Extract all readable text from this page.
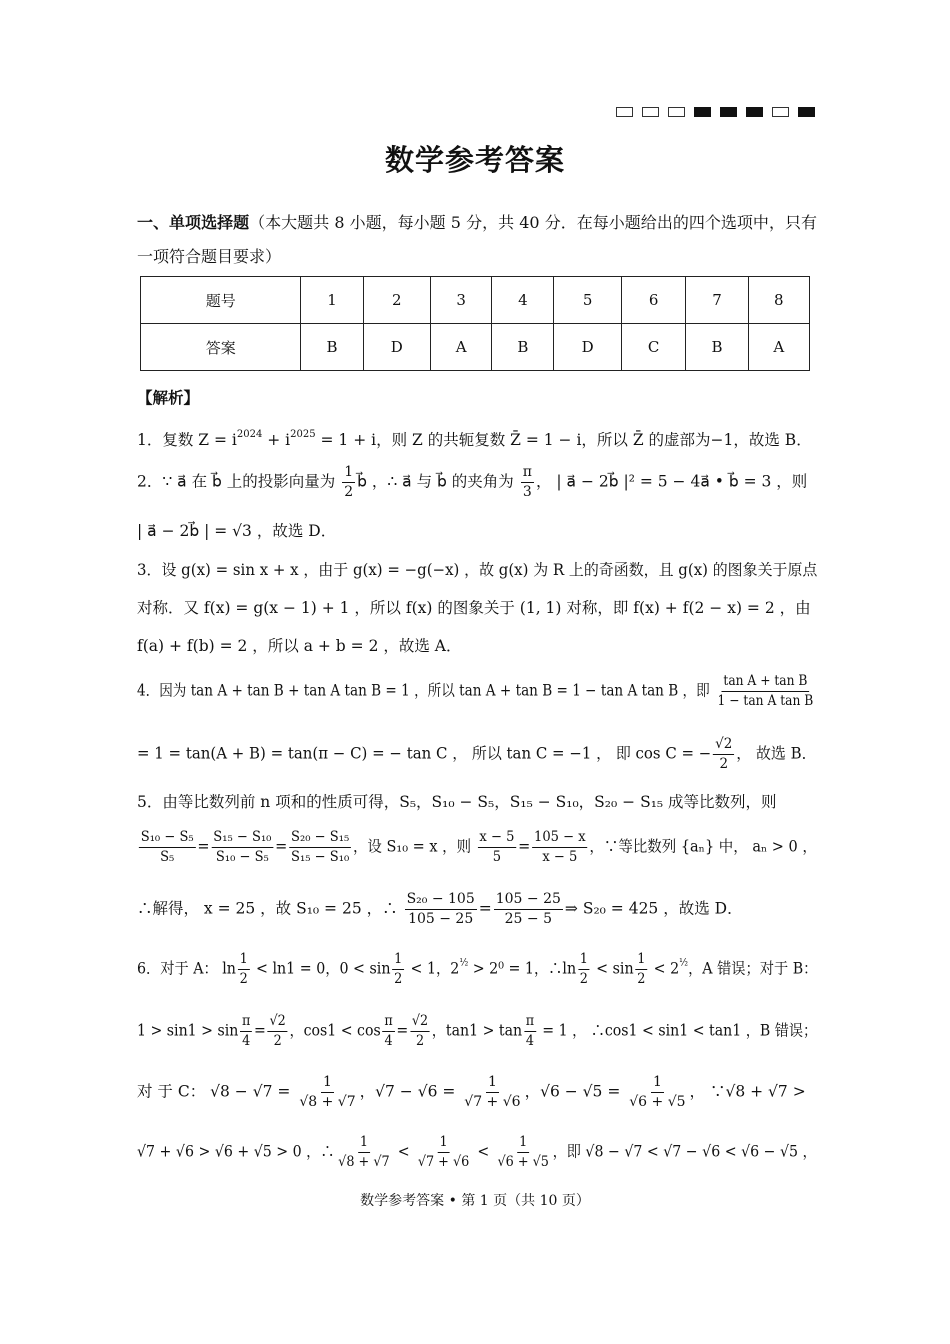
数学参考答案
一、单项选择题（本大题共 8 小题，每小题 5 分，共 40 分．在每小题给出的四个选项中，只有一项符合题目要求）
题号	1	2	3	4	5	6	7	8
答案	B	D	A	B	D	C	B	A
【解析】
1．复数 $Z = i^{2024} + i^{2025} = 1 + i$，则 Z 的共轭复数 Z̄ = 1 − i，所以 Z̄ 的虚部为−1，故选 B．
2．∵ a⃗ 在 b⃗ 上的投影向量为 $\frac{1}{2}$ b⃗ ，∴ a⃗ 与 b⃗ 的夹角为 $\frac{\pi}{3}$ ， | a⃗ − 2b⃗ |² = 5 − 4a⃗ • b⃗ = 3 ，则
| a⃗ − 2b⃗ | = √3 ，故选 D．
3．设 g(x) = sin x + x ，由于 g(x) = −g(−x) ，故 g(x) 为 R 上的奇函数，且 g(x) 的图象关于原点
对称．又 f(x) = g(x − 1) + 1 ，所以 f(x) 的图象关于 (1, 1) 对称，即 f(x) + f(2 − x) = 2 ，由
f(a) + f(b) = 2 ，所以 a + b = 2 ，故选 A．
4．因为 tan A + tan B + tan A tan B = 1 ，所以 tan A + tan B = 1 − tan A tan B ，即 $\frac{\text{tan A + tan B}}{\text{1 − tan A tan B}}$
= 1 = tan(A + B) = tan(π − C) = − tan C ， 所以 tan C = −1 ， 即 cos C = − $\frac{√2}{2}$ ， 故选 B．
5．由等比数列前 n 项和的性质可得，S₅，S₁₀ − S₅，S₁₅ − S₁₀，S₂₀ − S₁₅ 成等比数列，则
$\frac{\text{S₁₀ − S₅}}{\text{S₅}} = \frac{\text{S₁₅ − S₁₀}}{\text{S₁₀ − S₅}} = \frac{\text{S₂₀ − S₁₅}}{\text{S₁₅ − S₁₀}}$ ，设 S₁₀ = x ，则 $\frac{x - 5}{5} = \frac{105 - x}{x - 5}$ ，∵等比数列 {aₙ} 中， aₙ > 0 ，
∴解得， x = 25 ，故 S₁₀ = 25 ，∴ $\frac{\text{S₂₀ − 105}}{105 - 25} = \frac{105 - 25}{25 - 5}$ ⇒ S₂₀ = 425 ，故选 D．
6．对于 A： $\ln \frac{1}{2} < \ln 1 = 0$，$0 < \sin \frac{1}{2} < 1$，$2^{\frac{1}{2}} > 2^0 = 1$，∴ln $\frac{1}{2} < \sin \frac{1}{2} < 2^{\frac{1}{2}}$，A 错误；对于 B：
$1 > \sin 1 > \sin \frac{\pi}{4} = \frac{√2}{2}$ ，$\cos 1 < \cos \frac{\pi}{4} = \frac{√2}{2}$ ，$\tan 1 > \tan \frac{\pi}{4} = 1$ ， ∴cos1 < sin1 < tan1 ，B 错误；
对 于 C： $√8 - √7 = \frac{1}{√8 + √7}$ ，$√7 - √6 = \frac{1}{√7 + √6}$ ，$√6 - √5 = \frac{1}{√6 + √5}$ ， ∵√8 + √7 >
√7 + √6 > √6 + √5 > 0 ，∴ $\frac{1}{√8 + √7} < \frac{1}{√7 + √6} < \frac{1}{√6 + √5}$ ，即 √8 − √7 < √7 − √6 < √6 − √5 ，
数学参考答案 • 第 1 页（共 10 页）
